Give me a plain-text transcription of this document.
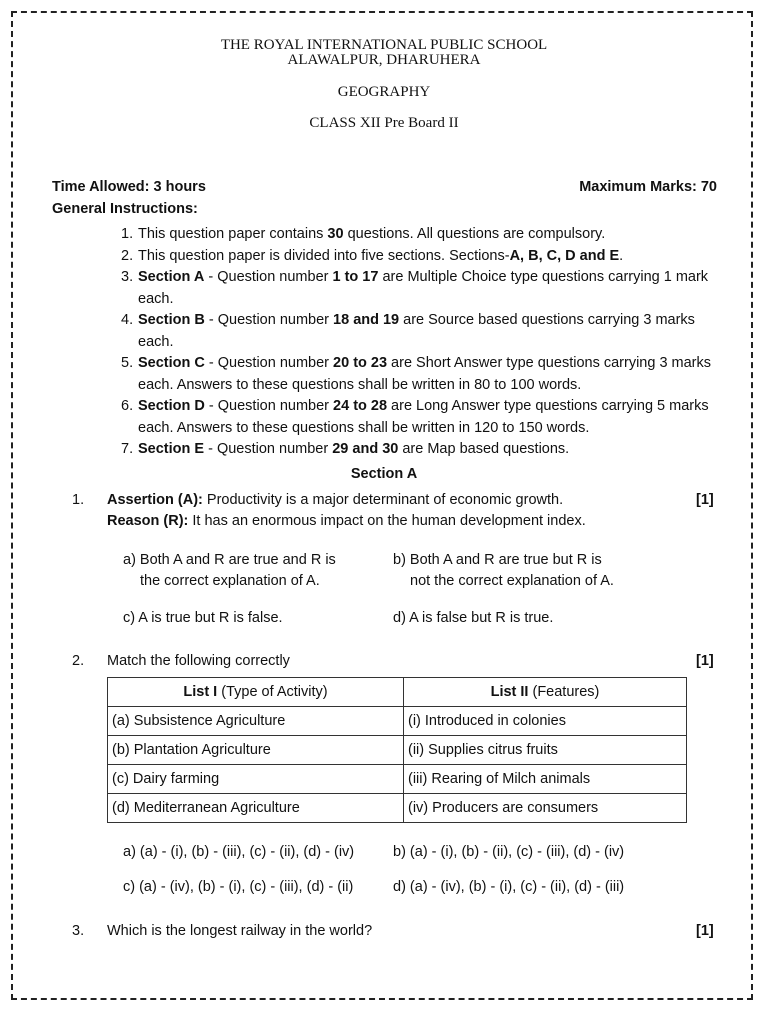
THE ROYAL INTERNATIONAL PUBLIC SCHOOL
ALAWALPUR, DHARUHERA
GEOGRAPHY
CLASS XII Pre Board II
Time Allowed: 3 hours	Maximum Marks: 70
General Instructions:
1. This question paper contains 30 questions. All questions are compulsory.
2. This question paper is divided into five sections. Sections-A, B, C, D and E.
3. Section A - Question number 1 to 17 are Multiple Choice type questions carrying 1 mark each.
4. Section B - Question number 18 and 19 are Source based questions carrying 3 marks each.
5. Section C - Question number 20 to 23 are Short Answer type questions carrying 3 marks each. Answers to these questions shall be written in 80 to 100 words.
6. Section D - Question number 24 to 28 are Long Answer type questions carrying 5 marks each. Answers to these questions shall be written in 120 to 150 words.
7. Section E - Question number 29 and 30 are Map based questions.
Section A
1. Assertion (A): Productivity is a major determinant of economic growth.	[1]
Reason (R): It has an enormous impact on the human development index.
a) Both A and R are true and R is
the correct explanation of A.
b) Both A and R are true but R is
not the correct explanation of A.
c) A is true but R is false.	d) A is false but R is true.
2. Match the following correctly	[1]
List I (Type of Activity)	List II (Features)
(a) Subsistence Agriculture	(i) Introduced in colonies
(b) Plantation Agriculture	(ii) Supplies citrus fruits
(c) Dairy farming	(iii) Rearing of Milch animals
(d) Mediterranean Agriculture	(iv) Producers are consumers
a) (a) - (i), (b) - (iii), (c) - (ii), (d) - (iv)	b) (a) - (i), (b) - (ii), (c) - (iii), (d) - (iv)
c) (a) - (iv), (b) - (i), (c) - (iii), (d) - (ii)	d) (a) - (iv), (b) - (i), (c) - (ii), (d) - (iii)
3. Which is the longest railway in the world?	[1]
